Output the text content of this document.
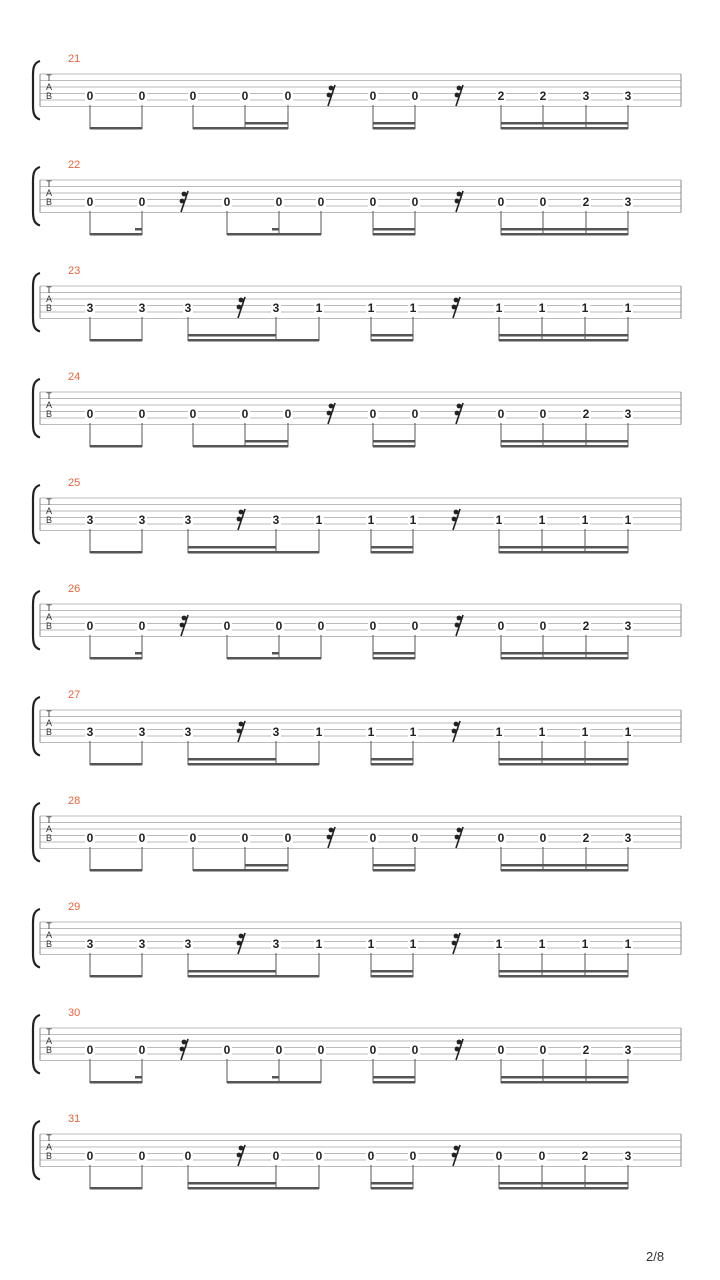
T
A
B
21
0	0	0	0	0	0	0	2	2	3	3
T
A
B
22
0	0	0	0	0	0	0	0	0	2	3
T
A
B
23
3	3	3	3	1	1	1	1	1	1	1
T
A
B
24
0	0	0	0	0	0	0	0	0	2	3
T
A
B
25
3	3	3	3	1	1	1	1	1	1	1
T
A
B
26
0	0	0	0	0	0	0	0	0	2	3
T
A
B
27
3	3	3	3	1	1	1	1	1	1	1
T
A
B
28
0	0	0	0	0	0	0	0	0	2	3
T
A
B
29
3	3	3	3	1	1	1	1	1	1	1
T
A
B
30
0	0	0	0	0	0	0	0	0	2	3
T
A
B
31
0	0	0	0	0	0	0	0	0	2	3
2/8
